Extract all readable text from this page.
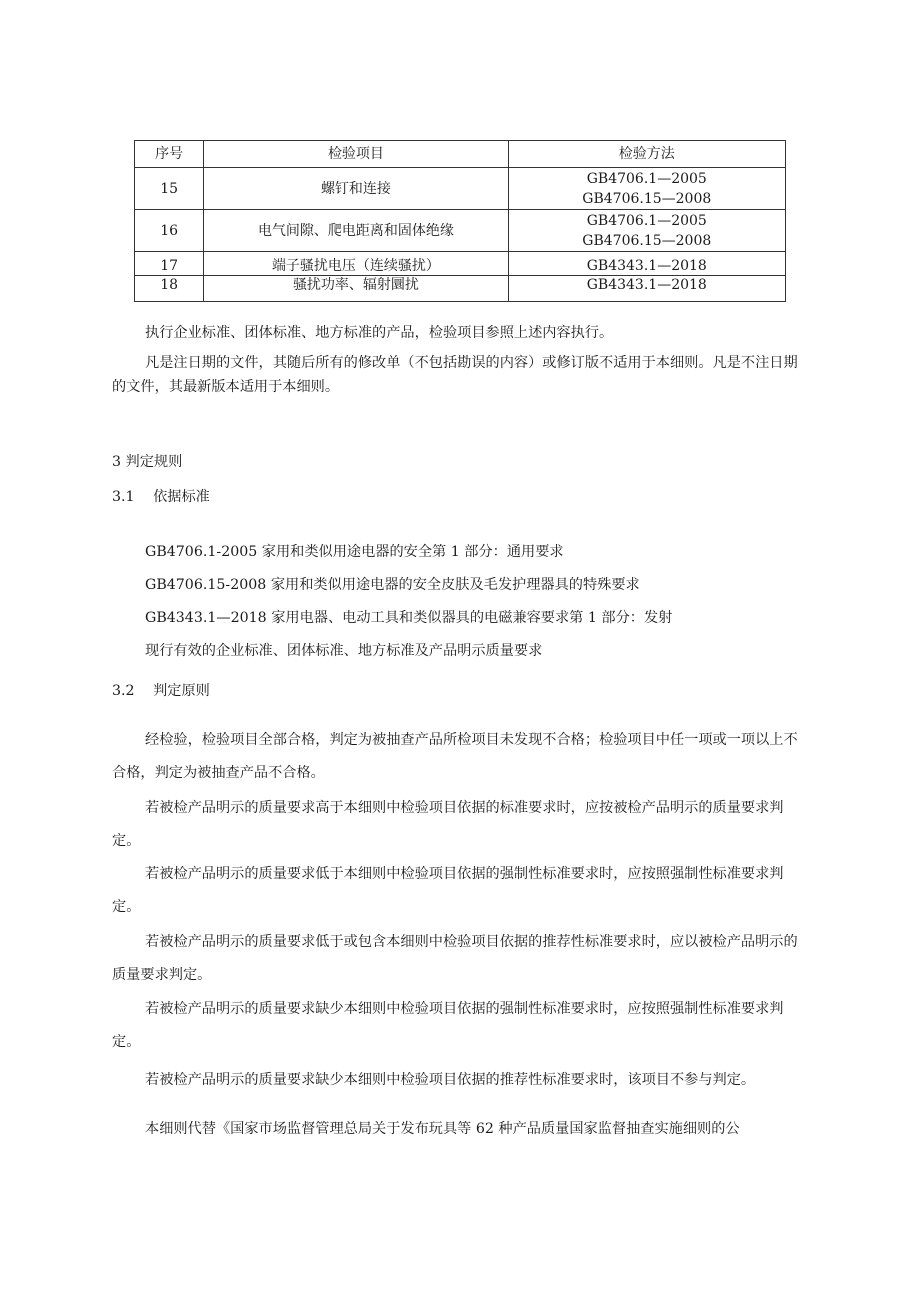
序号	检验项目	检验方法
15	螺钉和连接	GB4706.1—2005
GB4706.15—2008

16	电气间隙、爬电距离和固体绝缘	GB4706.1—2005
GB4706.15—2008

17	端子骚扰电压（连续骚扰）	GB4343.1—2018
18	骚扰功率、辐射圜扰	GB4343.1—2018
执行企业标准、团体标准、地方标准的产品，检验项目参照上述内容执行。
凡是注日期的文件，其随后所有的修改单（不包括勘误的内容）或修订版不适用于本细则。凡是不注日期的文件，其最新版本适用于本细则。
3 判定规则
3.1 依据标准
GB4706.1-2005 家用和类似用途电器的安全第 1 部分：通用要求
GB4706.15-2008 家用和类似用途电器的安全皮肤及毛发护理器具的特殊要求
GB4343.1—2018 家用电器、电动工具和类似器具的电磁兼容要求第 1 部分：发射
现行有效的企业标准、团体标准、地方标准及产品明示质量要求
3.2 判定原则
经检验，检验项目全部合格，判定为被抽查产品所检项目未发现不合格；检验项目中任一项或一项以上不合格，判定为被抽查产品不合格。
若被检产品明示的质量要求高于本细则中检验项目依据的标准要求时，应按被检产品明示的质量要求判定。
若被检产品明示的质量要求低于本细则中检验项目依据的强制性标准要求时，应按照强制性标准要求判定。
若被检产品明示的质量要求低于或包含本细则中检验项目依据的推荐性标准要求时，应以被检产品明示的质量要求判定。
若被检产品明示的质量要求缺少本细则中检验项目依据的强制性标准要求时，应按照强制性标准要求判定。
若被检产品明示的质量要求缺少本细则中检验项目依据的推荐性标准要求时，该项目不参与判定。
本细则代替《国家市场监督管理总局关于发布玩具等 62 种产品质量国家监督抽查实施细则的公
